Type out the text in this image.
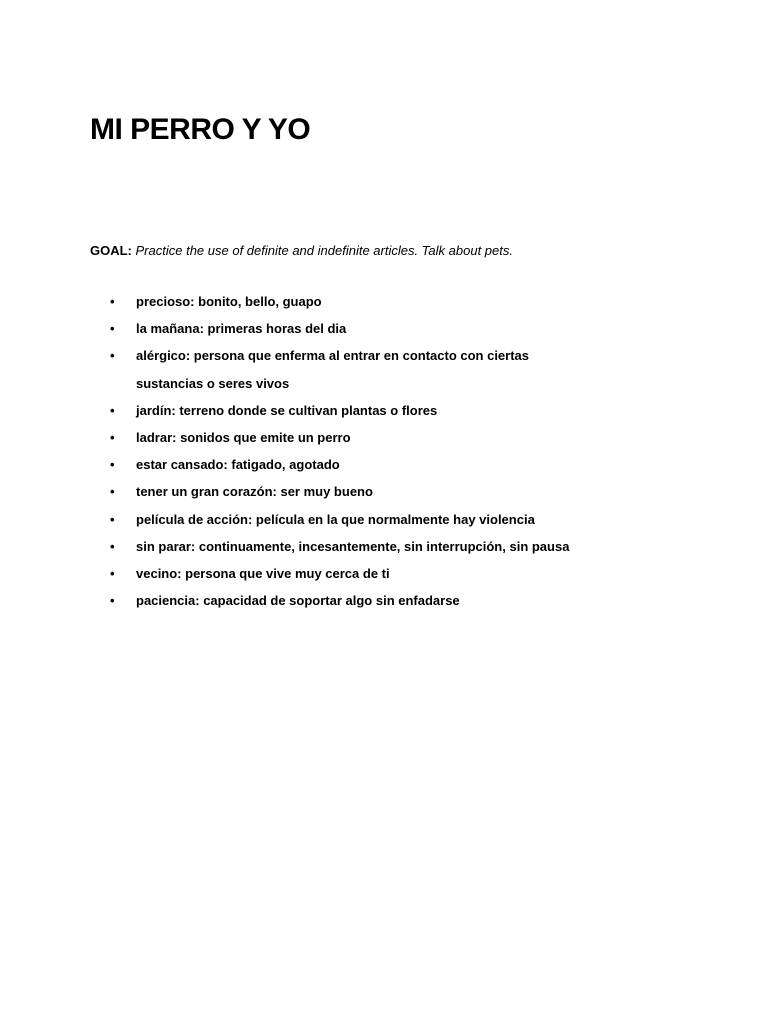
MI PERRO Y YO

GOAL: Practice the use of definite and indefinite articles. Talk about pets.

•	precioso: bonito, bello, guapo
•	la mañana: primeras horas del dia
•	alérgico: persona que enferma al entrar en contacto con ciertas
sustancias o seres vivos
•	jardín: terreno donde se cultivan plantas o flores
•	ladrar: sonidos que emite un perro
•	estar cansado: fatigado, agotado
•	tener un gran corazón: ser muy bueno
•	película de acción: película en la que normalmente hay violencia
•	sin parar: continuamente, incesantemente, sin interrupción, sin pausa
•	vecino: persona que vive muy cerca de ti
•	paciencia: capacidad de soportar algo sin enfadarse
